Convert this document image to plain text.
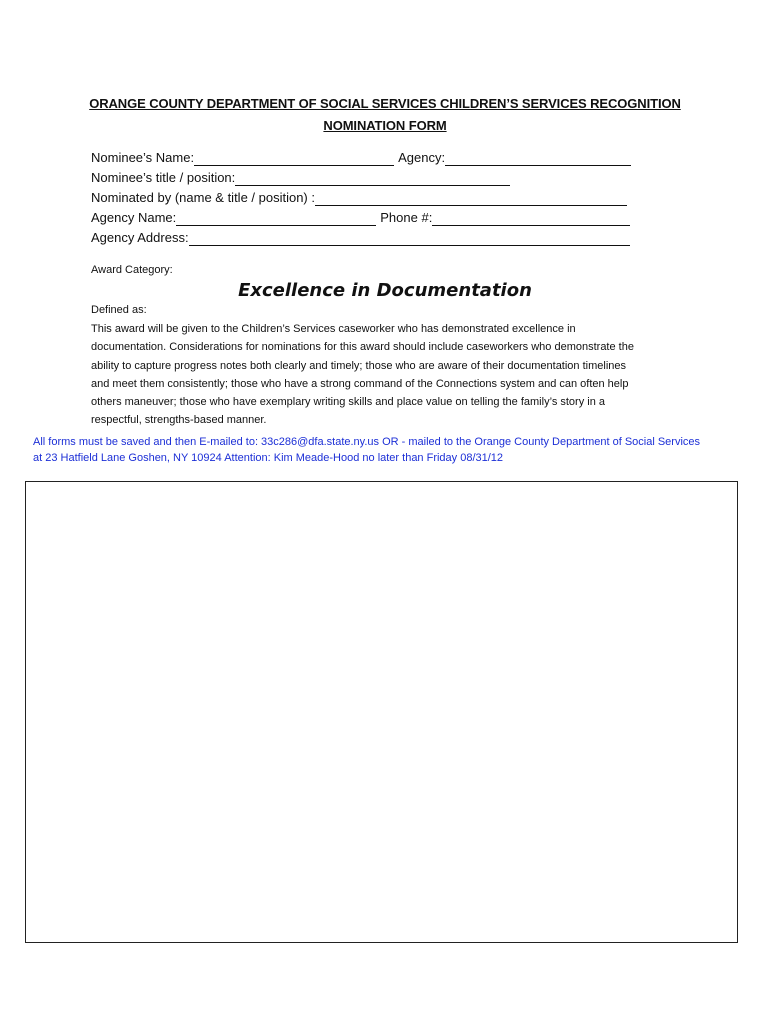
ORANGE COUNTY DEPARTMENT OF SOCIAL SERVICES CHILDREN’S SERVICES RECOGNITION
NOMINATION FORM
Nominee’s Name:	Agency:
Nominee’s title / position:
Nominated by (name & title / position) :
Agency Name:	Phone #:
Agency Address:
Award Category:
Excellence in Documentation
Defined as:
This award will be given to the Children’s Services caseworker who has demonstrated excellence in
documentation. Considerations for nominations for this award should include caseworkers who demonstrate the
ability to capture progress notes both clearly and timely; those who are aware of their documentation timelines
and meet them consistently; those who have a strong command of the Connections system and can often help
others maneuver; those who have exemplary writing skills and place value on telling the family’s story in a
respectful, strengths-based manner.
All forms must be saved and then E-mailed to: 33c286@dfa.state.ny.us OR - mailed to the Orange County Department of Social Services
at 23 Hatfield Lane Goshen, NY 10924 Attention: Kim Meade-Hood no later than Friday 08/31/12
